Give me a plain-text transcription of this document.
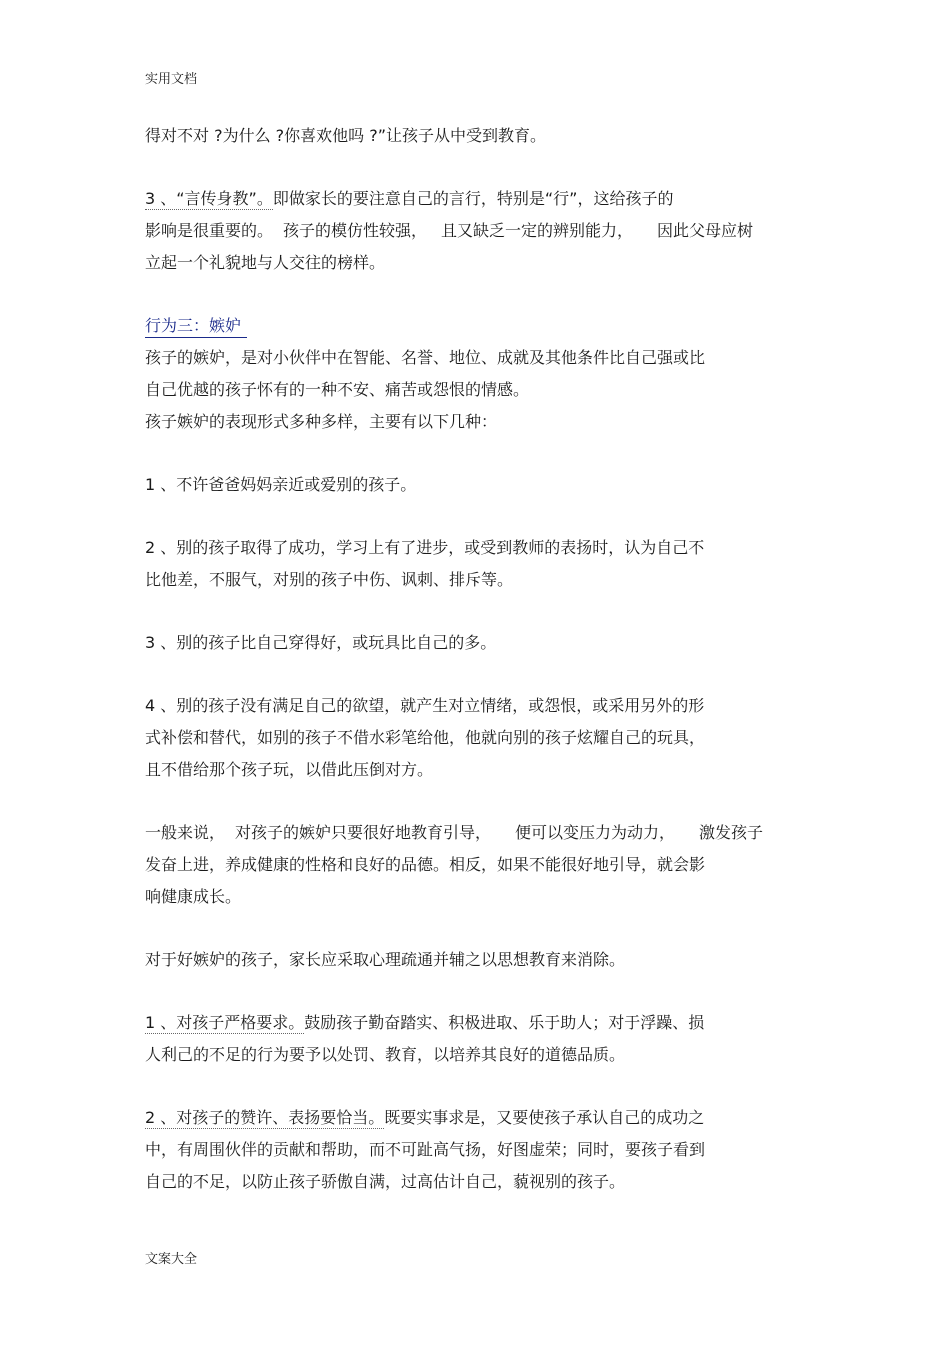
实用文档
得对不对 ?为什么 ?你喜欢他吗 ?”让孩子从中受到教育。
3 、“言传身教”。即做家长的要注意自己的言行，特别是“行”，这给孩子的
影响是很重要的。 孩子的模仿性较强， 且又缺乏一定的辨别能力， 因此父母应树
立起一个礼貌地与人交往的榜样。
行为三：嫉妒
孩子的嫉妒，是对小伙伴中在智能、名誉、地位、成就及其他条件比自己强或比
自己优越的孩子怀有的一种不安、痛苦或怨恨的情感。
孩子嫉妒的表现形式多种多样，主要有以下几种：
1 、不许爸爸妈妈亲近或爱别的孩子。
2 、别的孩子取得了成功，学习上有了进步，或受到教师的表扬时，认为自己不
比他差，不服气，对别的孩子中伤、讽刺、排斥等。
3 、别的孩子比自己穿得好，或玩具比自己的多。
4 、别的孩子没有满足自己的欲望，就产生对立情绪，或怨恨，或采用另外的形
式补偿和替代，如别的孩子不借水彩笔给他，他就向别的孩子炫耀自己的玩具，
且不借给那个孩子玩，以借此压倒对方。
一般来说， 对孩子的嫉妒只要很好地教育引导， 便可以变压力为动力， 激发孩子
发奋上进，养成健康的性格和良好的品德。相反，如果不能很好地引导，就会影
响健康成长。
对于好嫉妒的孩子，家长应采取心理疏通并辅之以思想教育来消除。
1 、对孩子严格要求。鼓励孩子勤奋踏实、积极进取、乐于助人；对于浮躁、损
人利己的不足的行为要予以处罚、教育，以培养其良好的道德品质。
2 、对孩子的赞许、表扬要恰当。既要实事求是，又要使孩子承认自己的成功之
中，有周围伙伴的贡献和帮助，而不可趾高气扬，好图虚荣；同时，要孩子看到
自己的不足，以防止孩子骄傲自满，过高估计自己，藐视别的孩子。
文案大全
